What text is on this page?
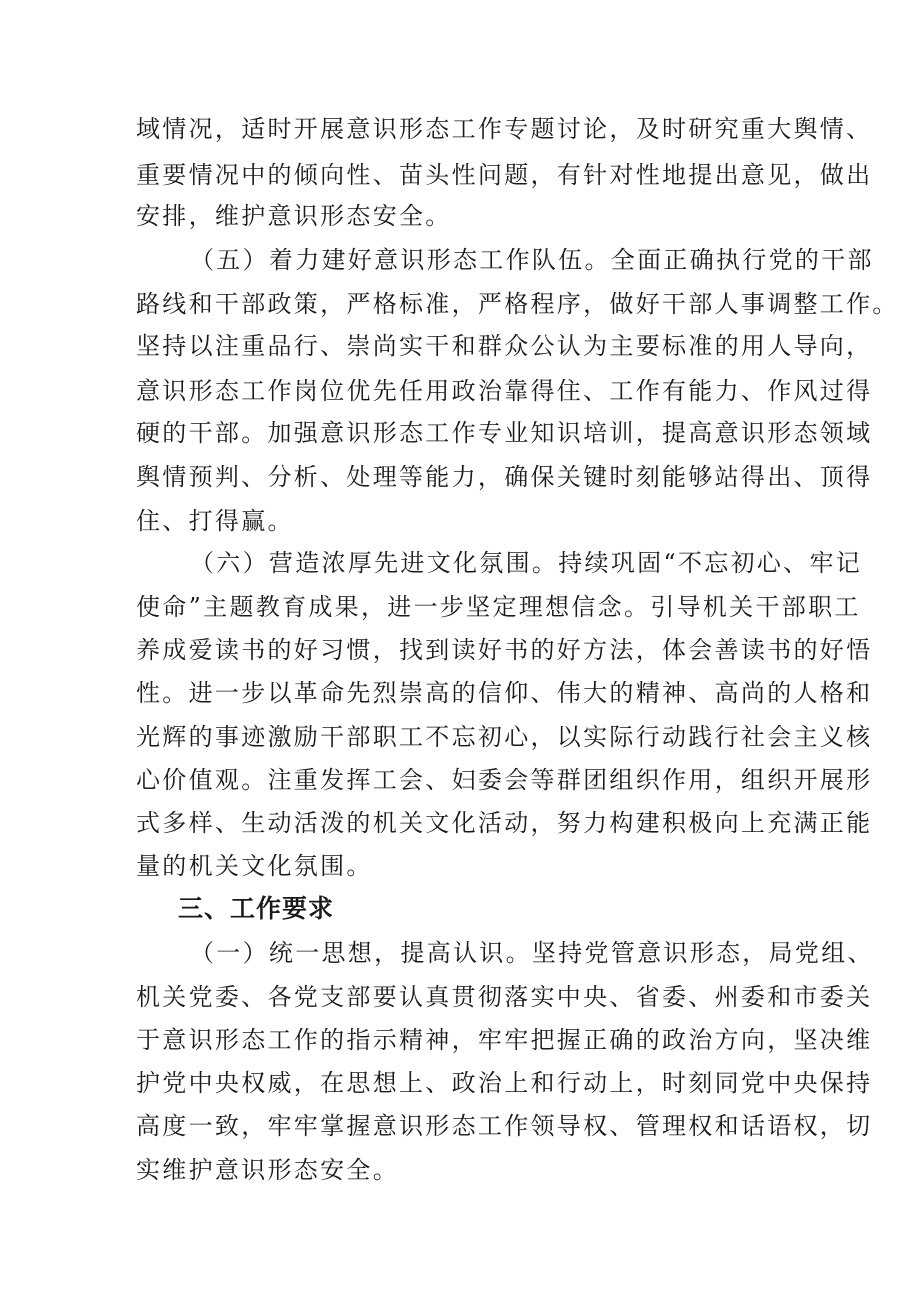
域情况，适时开展意识形态工作专题讨论，及时研究重大舆情、
重要情况中的倾向性、苗头性问题，有针对性地提出意见，做出
安排，维护意识形态安全。
（五）着力建好意识形态工作队伍。全面正确执行党的干部
路线和干部政策，严格标准，严格程序，做好干部人事调整工作。
坚持以注重品行、崇尚实干和群众公认为主要标准的用人导向，
意识形态工作岗位优先任用政治靠得住、工作有能力、作风过得
硬的干部。加强意识形态工作专业知识培训，提高意识形态领域
舆情预判、分析、处理等能力，确保关键时刻能够站得出、顶得
住、打得赢。
（六）营造浓厚先进文化氛围。持续巩固“不忘初心、牢记
使命”主题教育成果，进一步坚定理想信念。引导机关干部职工
养成爱读书的好习惯，找到读好书的好方法，体会善读书的好悟
性。进一步以革命先烈崇高的信仰、伟大的精神、高尚的人格和
光辉的事迹激励干部职工不忘初心，以实际行动践行社会主义核
心价值观。注重发挥工会、妇委会等群团组织作用，组织开展形
式多样、生动活泼的机关文化活动，努力构建积极向上充满正能
量的机关文化氛围。
三、工作要求
（一）统一思想，提高认识。坚持党管意识形态，局党组、
机关党委、各党支部要认真贯彻落实中央、省委、州委和市委关
于意识形态工作的指示精神，牢牢把握正确的政治方向，坚决维
护党中央权威，在思想上、政治上和行动上，时刻同党中央保持
高度一致，牢牢掌握意识形态工作领导权、管理权和话语权，切
实维护意识形态安全。
